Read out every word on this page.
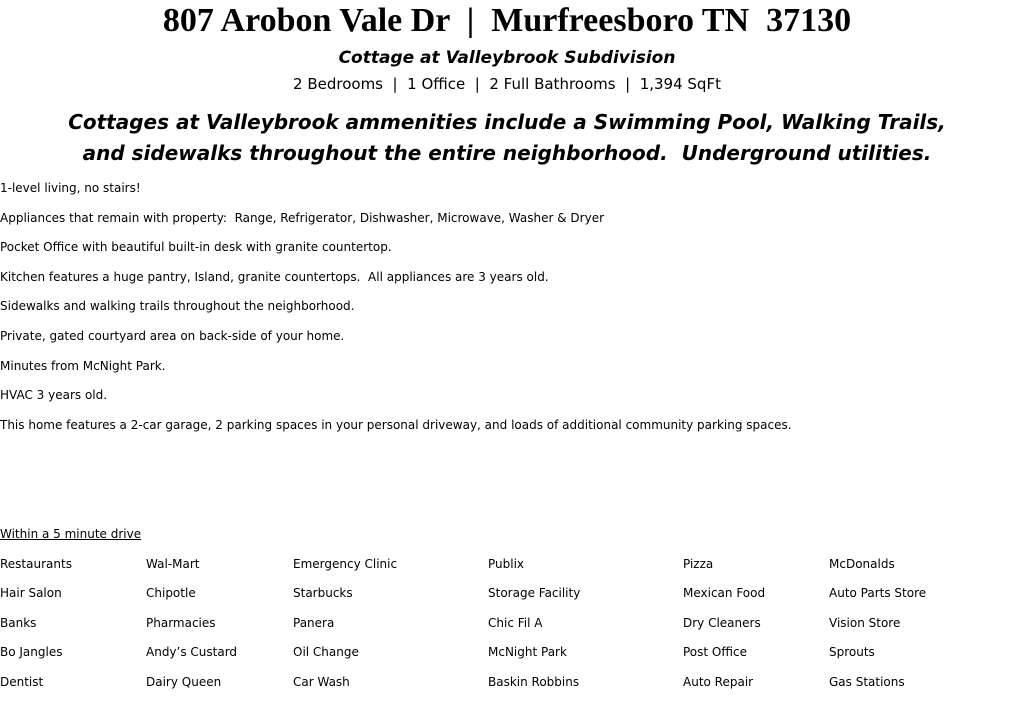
807 Arobon Vale Dr  |  Murfreesboro TN  37130
Cottage at Valleybrook Subdivision
2 Bedrooms  |  1 Office  |  2 Full Bathrooms  |  1,394 SqFt
Cottages at Valleybrook ammenities include a Swimming Pool, Walking Trails,
and sidewalks throughout the entire neighborhood.  Underground utilities.
1-level living, no stairs!
Appliances that remain with property:  Range, Refrigerator, Dishwasher, Microwave, Washer & Dryer
Pocket Office with beautiful built-in desk with granite countertop.
Kitchen features a huge pantry, Island, granite countertops.  All appliances are 3 years old.
Sidewalks and walking trails throughout the neighborhood.
Private, gated courtyard area on back-side of your home.
Minutes from McNight Park.
HVAC 3 years old.
This home features a 2-car garage, 2 parking spaces in your personal driveway, and loads of additional community parking spaces.
Within a 5 minute drive
Restaurants	Wal-Mart	Emergency Clinic	Publix	Pizza	McDonalds
Hair Salon	Chipotle	Starbucks	Storage Facility	Mexican Food	Auto Parts Store
Banks	Pharmacies	Panera	Chic Fil A	Dry Cleaners	Vision Store
Bo Jangles	Andy’s Custard	Oil Change	McNight Park	Post Office	Sprouts
Dentist	Dairy Queen	Car Wash	Baskin Robbins	Auto Repair	Gas Stations
